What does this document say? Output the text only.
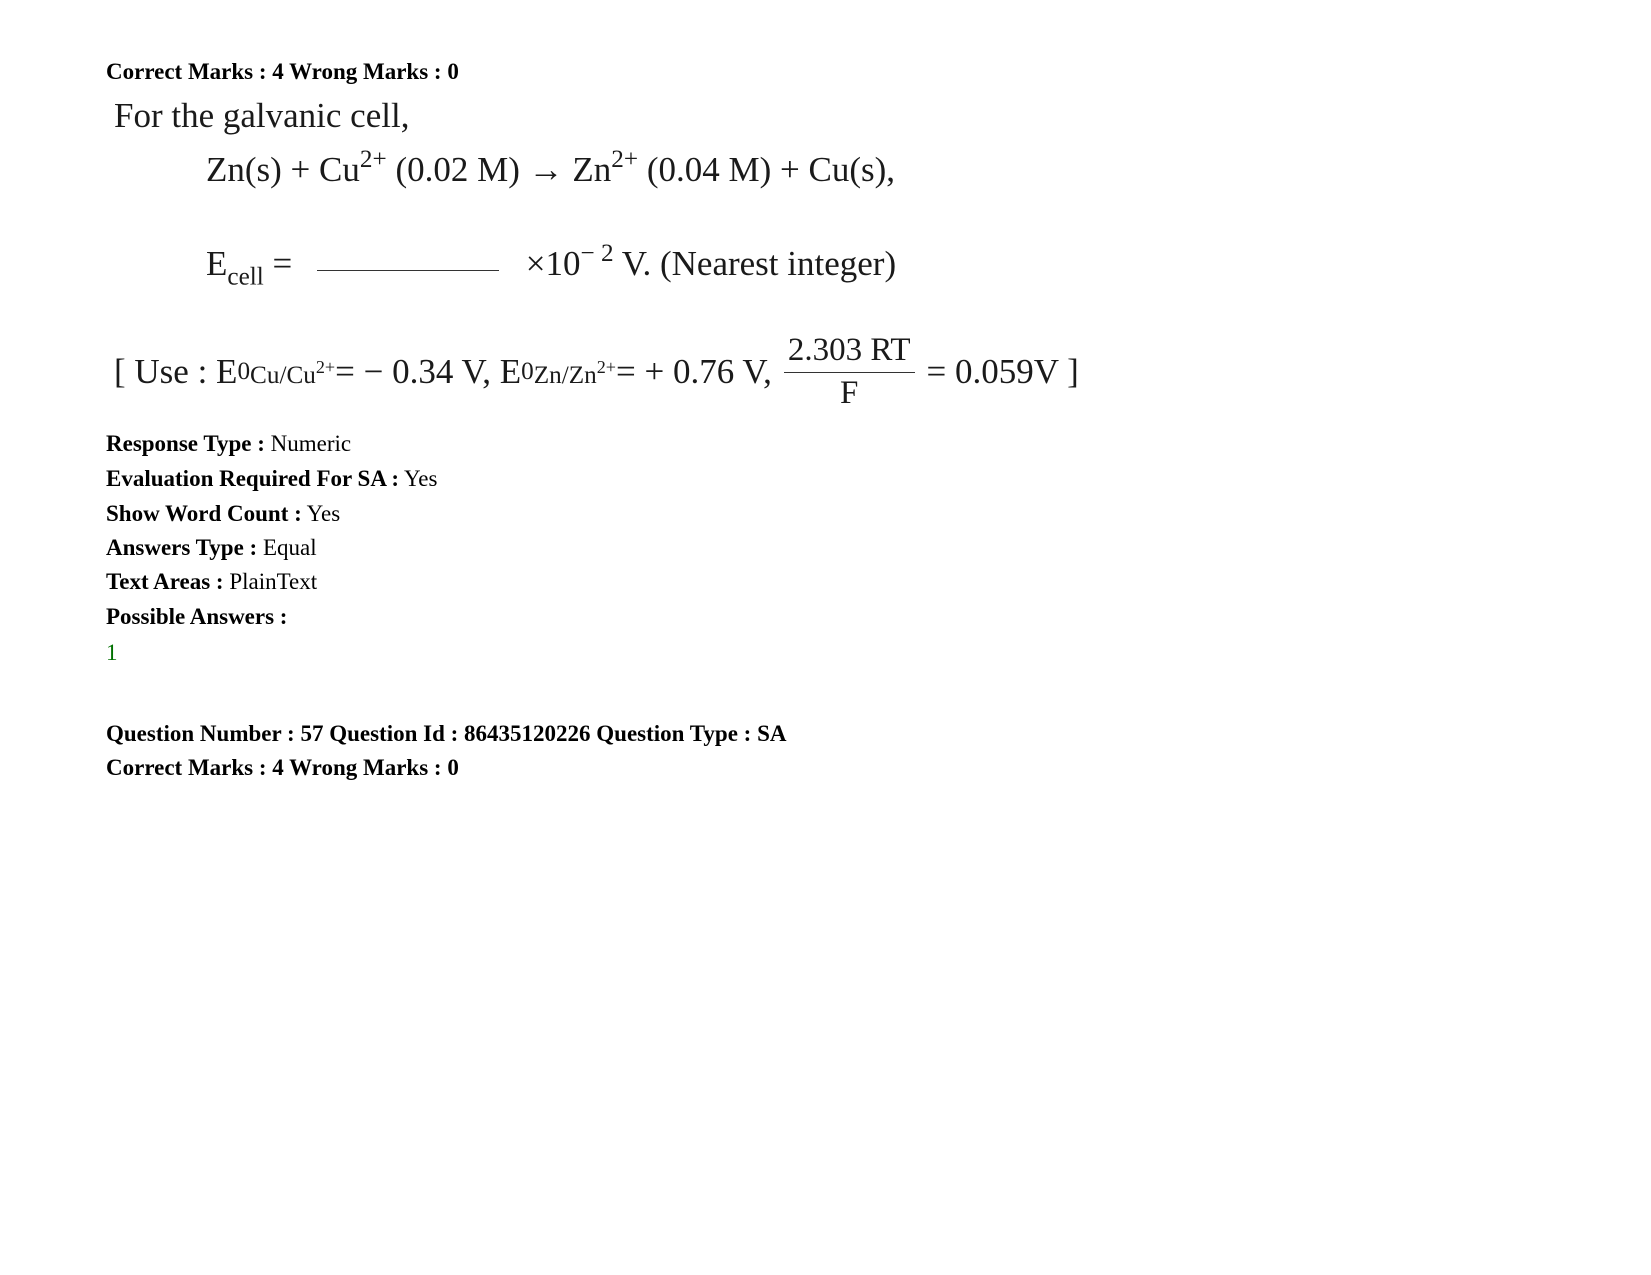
Correct Marks : 4 Wrong Marks : 0
For the galvanic cell,
$Zn(s) + Cu^{2+}$ (0.02 $M) \to Zn^{2+}$ (0.04 M) + Cu(s),
$E_{cell}$ =	$\times 10^{- 2}$ V. (Nearest integer)
[ Use : E 0 $Cu/Cu^{2+}$ = − 0.34 V, E 0 $Zn/Zn^{2+}$ = + 0.76 V, $\frac{2.303 RT}{F} = 0.059V$ ]
Response Type : Numeric
Evaluation Required For SA : Yes
Show Word Count : Yes
Answers Type : Equal
Text Areas : PlainText
Possible Answers :
1
Question Number : 57 Question Id : 86435120226 Question Type : SA
Correct Marks : 4 Wrong Marks : 0
